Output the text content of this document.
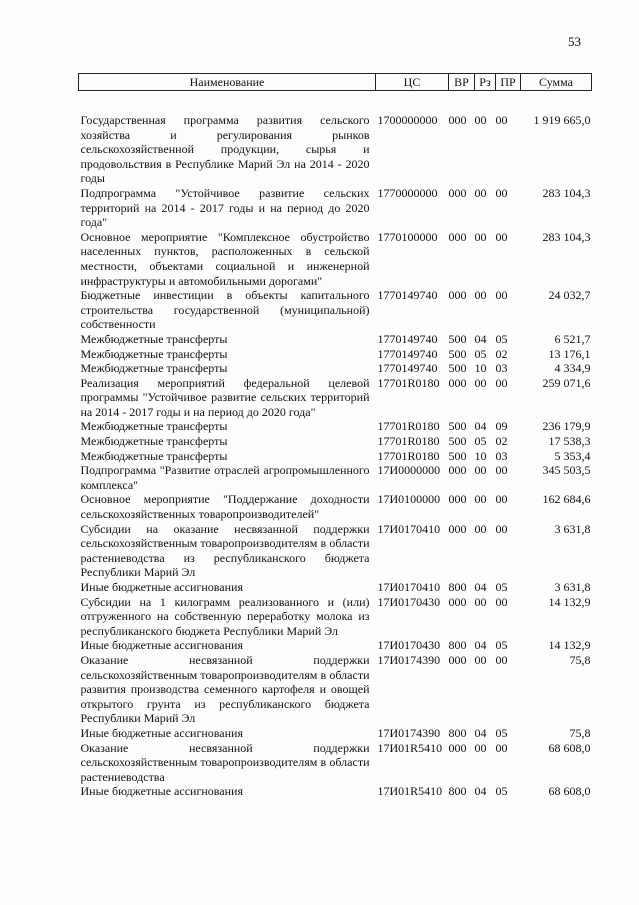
53
Наименование	ЦС	ВР	Рз	ПР	Сумма
Государственная программа развития сельского хозяйства и регулирования рынков сельскохозяйственной продукции, сырья и продовольствия в Республике Марий Эл на 2014 - 2020 годы	1700000000	000	00	00	1 919 665,0
Подпрограмма "Устойчивое развитие сельских территорий на 2014 - 2017 годы и на период до 2020 года"	1770000000	000	00	00	283 104,3
Основное мероприятие "Комплексное обустройство населенных пунктов, расположенных в сельской местности, объектами социальной и инженерной инфраструктуры и автомобильными дорогами"	1770100000	000	00	00	283 104,3
Бюджетные инвестиции в объекты капитального строительства государственной (муниципальной) собственности	1770149740	000	00	00	24 032,7
Межбюджетные трансферты	1770149740	500	04	05	6 521,7
Межбюджетные трансферты	1770149740	500	05	02	13 176,1
Межбюджетные трансферты	1770149740	500	10	03	4 334,9
Реализация мероприятий федеральной целевой программы "Устойчивое развитие сельских территорий на 2014 - 2017 годы и на период до 2020 года"	17701R0180	000	00	00	259 071,6
Межбюджетные трансферты	17701R0180	500	04	09	236 179,9
Межбюджетные трансферты	17701R0180	500	05	02	17 538,3
Межбюджетные трансферты	17701R0180	500	10	03	5 353,4
Подпрограмма "Развитие отраслей агропромышленного комплекса"	17И0000000	000	00	00	345 503,5
Основное мероприятие "Поддержание доходности сельскохозяйственных товаропроизводителей"	17И0100000	000	00	00	162 684,6
Субсидии на оказание несвязанной поддержки сельскохозяйственным товаропроизводителям в области растениеводства из республиканского бюджета Республики Марий Эл	17И0170410	000	00	00	3 631,8
Иные бюджетные ассигнования	17И0170410	800	04	05	3 631,8
Субсидии на 1 килограмм реализованного и (или) отгруженного на собственную переработку молока из республиканского бюджета Республики Марий Эл	17И0170430	000	00	00	14 132,9
Иные бюджетные ассигнования	17И0170430	800	04	05	14 132,9
Оказание несвязанной поддержки сельскохозяйственным товаропроизводителям в области развития производства семенного картофеля и овощей открытого грунта из республиканского бюджета Республики Марий Эл	17И0174390	000	00	00	75,8
Иные бюджетные ассигнования	17И0174390	800	04	05	75,8
Оказание несвязанной поддержки сельскохозяйственным товаропроизводителям в области растениеводства	17И01R5410	000	00	00	68 608,0
Иные бюджетные ассигнования	17И01R5410	800	04	05	68 608,0
